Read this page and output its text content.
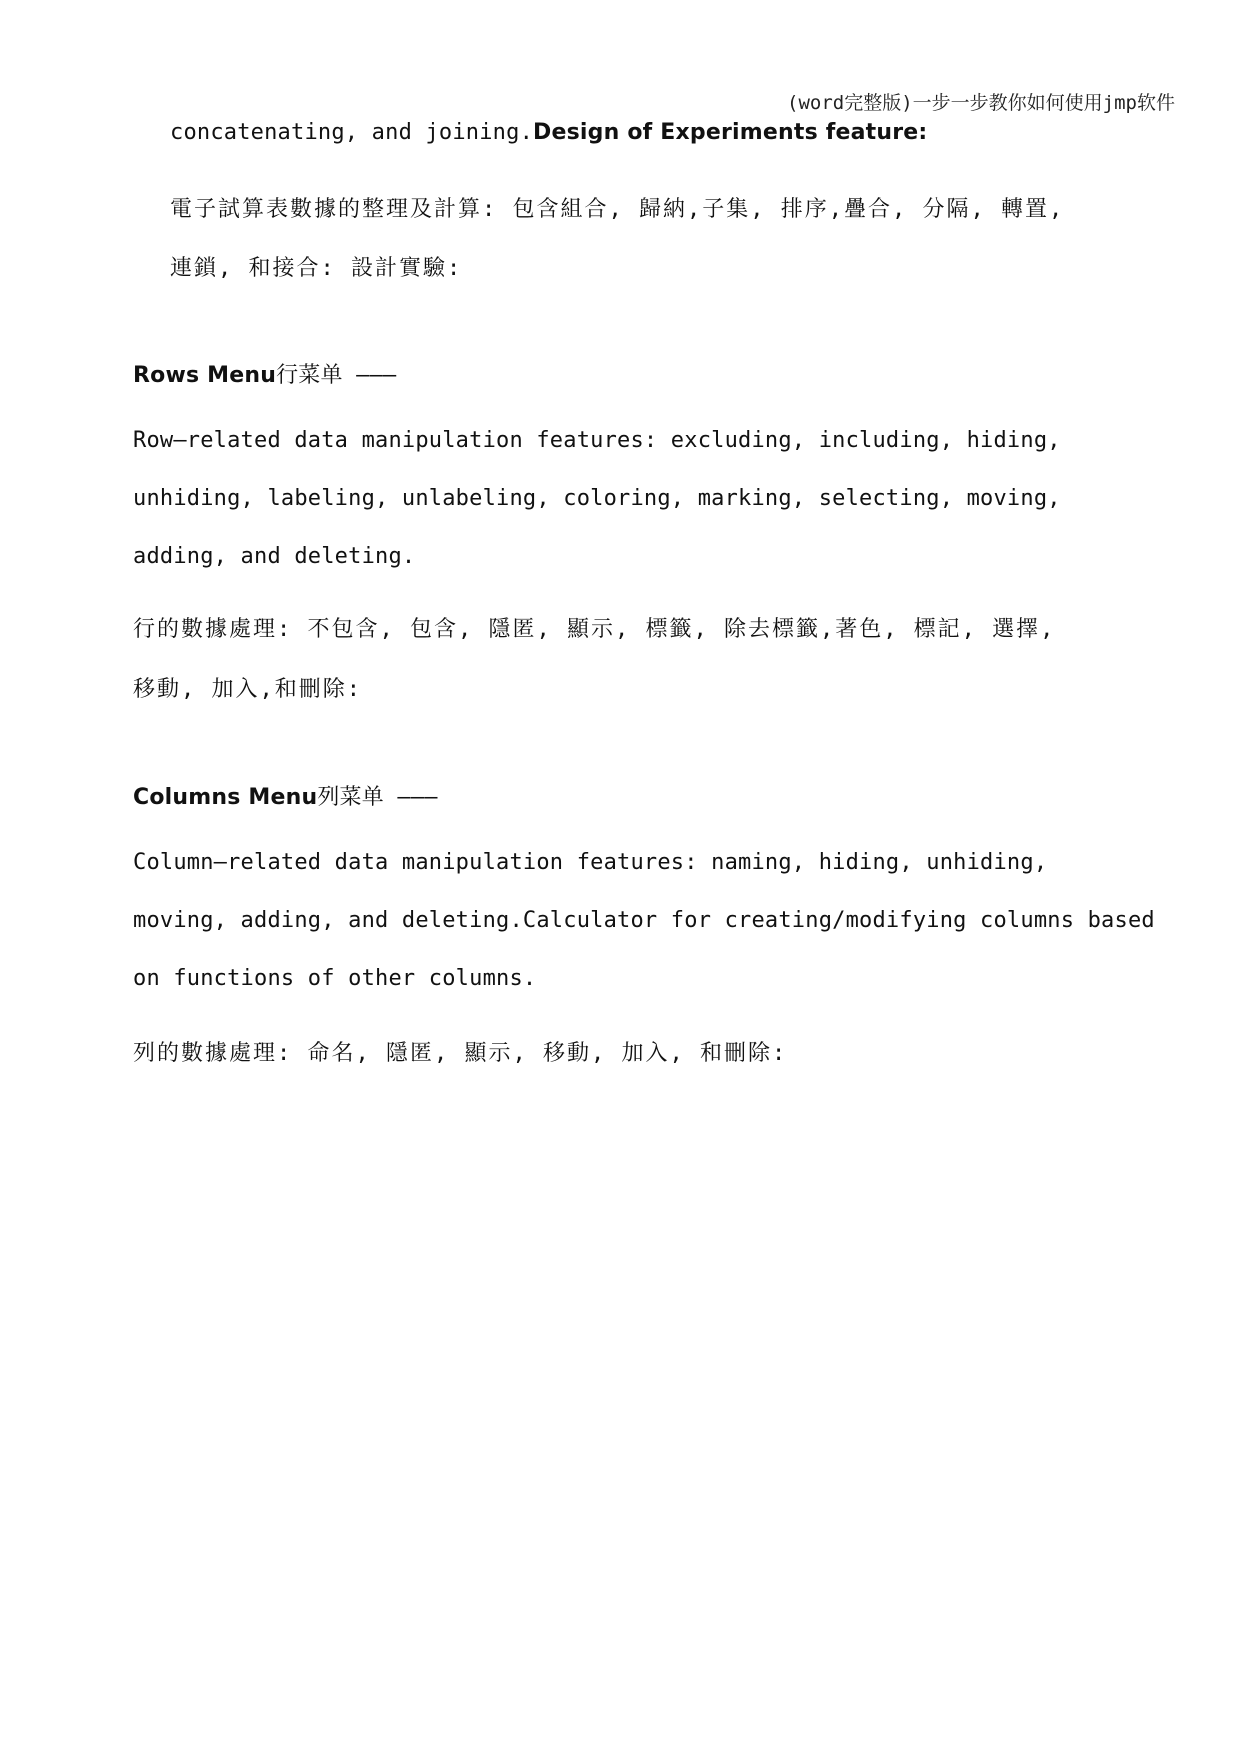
(word完整版)一步一步教你如何使用jmp软件
concatenating, and joining.Design of Experiments feature:
電子試算表數據的整理及計算: 包含組合, 歸納,子集, 排序,疊合, 分隔, 轉置,
連鎖, 和接合: 設計實驗:
Rows Menu行菜单 ———
Row—related data manipulation features: excluding, including, hiding,
unhiding, labeling, unlabeling, coloring, marking, selecting, moving,
adding, and deleting.
行的數據處理: 不包含, 包含, 隱匿, 顯示, 標籤, 除去標籤,著色, 標記, 選擇,
移動, 加入,和刪除:
Columns Menu列菜单 ———
Column—related data manipulation features: naming, hiding, unhiding,
moving, adding, and deleting.Calculator for creating/modifying columns based
on functions of other columns.
列的數據處理: 命名, 隱匿, 顯示, 移動, 加入, 和刪除:
